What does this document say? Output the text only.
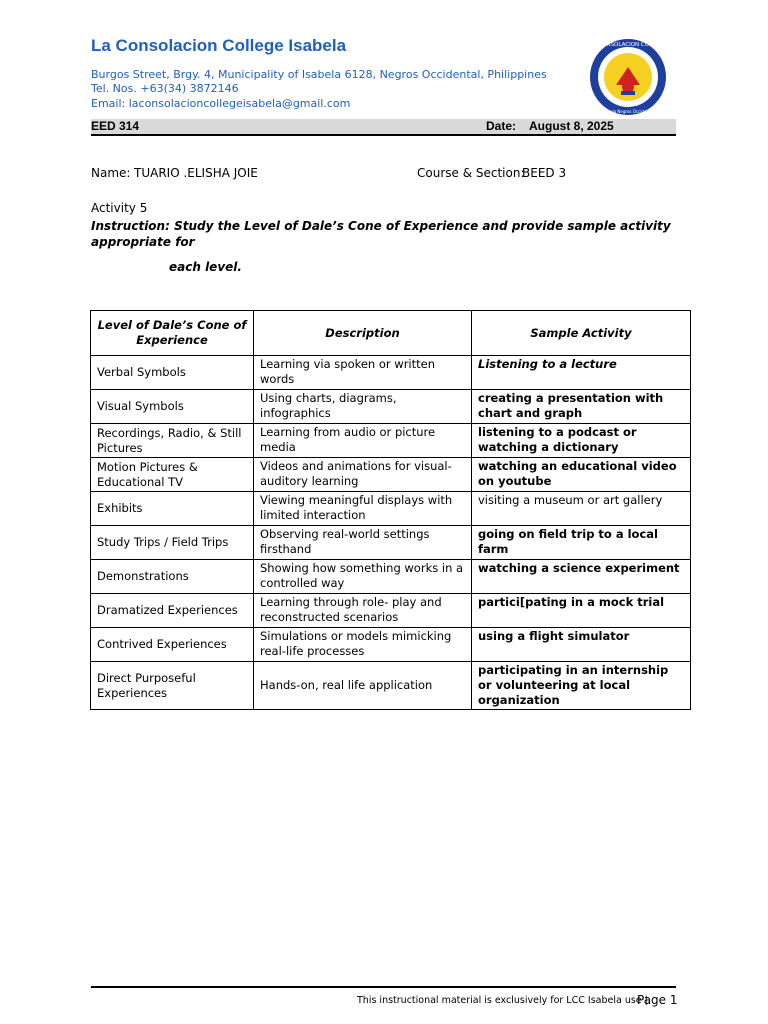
La Consolacion College Isabela
Burgos Street, Brgy. 4, Municipality of Isabela 6128, Negros Occidental, Philippines
Tel. Nos. +63(34) 3872146
Email: laconsolacioncollegeisabela@gmail.com
LA CONSOLACION COLLEGE
Isabela Negros Occidental
EED 314	Date: August 8, 2025
Name: TUARIO .ELISHA JOIE	Course & Section:
BEED 3
Activity 5
Instruction: Study the Level of Dale’s Cone of Experience and provide sample activity appropriate for
each level.
Level of Dale’s Cone of Experience	Description	Sample Activity
Verbal Symbols	Learning via spoken or written words	Listening to a lecture
Visual Symbols	Using charts, diagrams, infographics	creating a presentation with chart and graph
Recordings, Radio, & Still Pictures	Learning from audio or picture media	listening to a podcast or watching a dictionary
Motion Pictures & Educational TV	Videos and animations for visual-auditory learning	watching an educational video on youtube
Exhibits	Viewing meaningful displays with limited interaction	visiting a museum or art gallery
Study Trips / Field Trips	Observing real-world settings firsthand	going on field trip to a local farm
Demonstrations	Showing how something works in a controlled way	watching a science experiment
Dramatized Experiences	Learning through role- play and reconstructed scenarios	partici[pating in a mock trial
Contrived Experiences	Simulations or models mimicking real-life processes	using a flight simulator
Direct Purposeful Experiences	Hands-on, real life application	participating in an internship or volunteering at local organization
This instructional material is exclusively for LCC Isabela use |
Page 1
